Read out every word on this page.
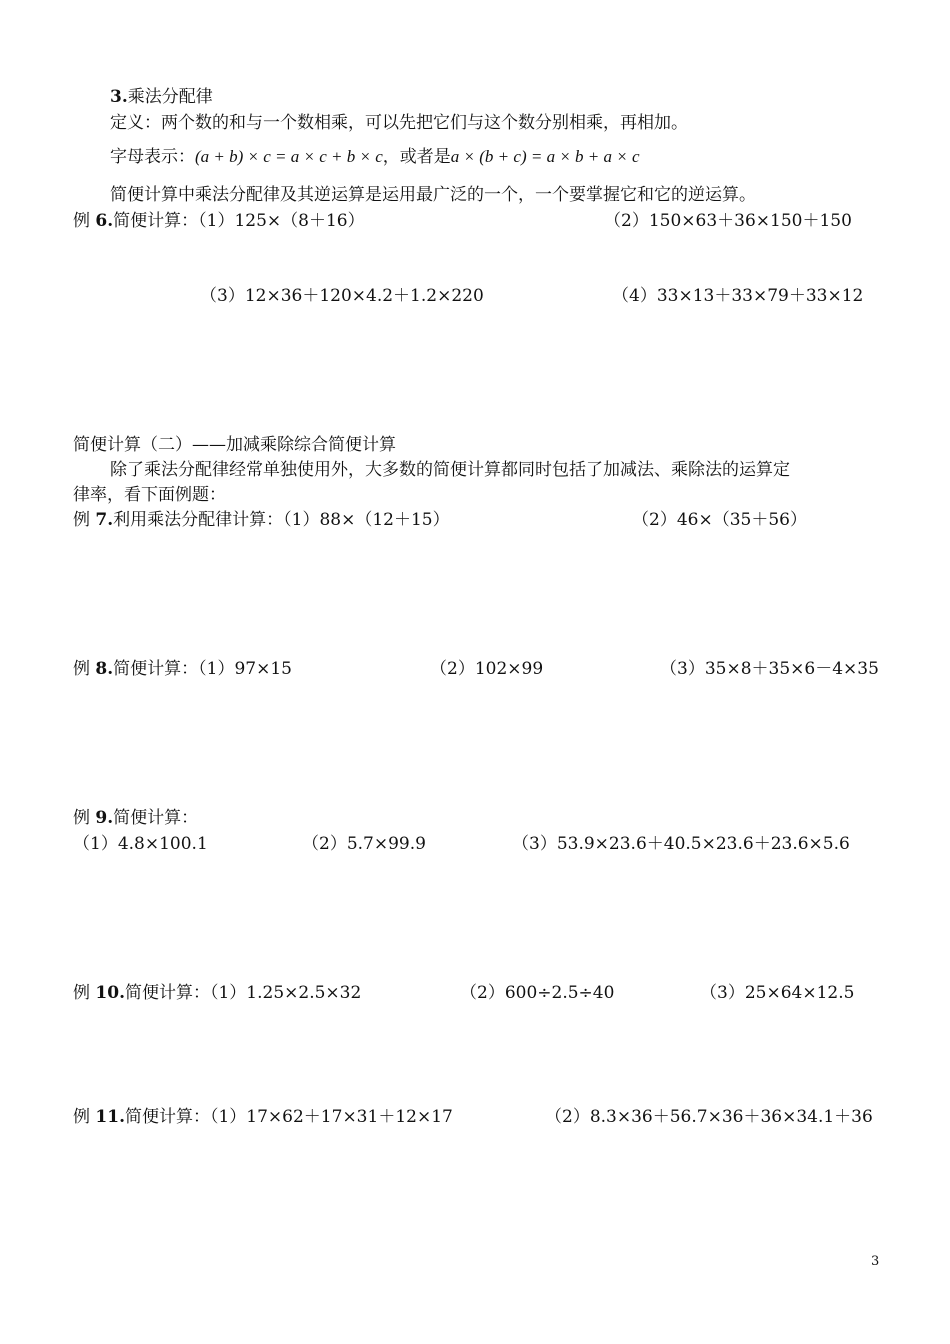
3.乘法分配律
定义：两个数的和与一个数相乘，可以先把它们与这个数分别相乘，再相加。
字母表示：(a + b) × c = a × c + b × c，或者是a × (b + c) = a × b + a × c
简便计算中乘法分配律及其逆运算是运用最广泛的一个，一个要掌握它和它的逆运算。
例 6.简便计算：（1）125×（8＋16）	（2）150×63＋36×150＋150
（3）12×36＋120×4.2＋1.2×220	（4）33×13＋33×79＋33×12
简便计算（二）——加减乘除综合简便计算
除了乘法分配律经常单独使用外，大多数的简便计算都同时包括了加减法、乘除法的运算定
律率，看下面例题：
例 7.利用乘法分配律计算：（1）88×（12＋15）	（2）46×（35＋56）
例 8.简便计算：（1）97×15	（2）102×99	（3）35×8＋35×6－4×35
例 9.简便计算：
（1）4.8×100.1	（2）5.7×99.9	（3）53.9×23.6＋40.5×23.6＋23.6×5.6
例 10.简便计算：（1）1.25×2.5×32	（2）600÷2.5÷40	（3）25×64×12.5
例 11.简便计算：（1）17×62＋17×31＋12×17	（2）8.3×36＋56.7×36＋36×34.1＋36
3
